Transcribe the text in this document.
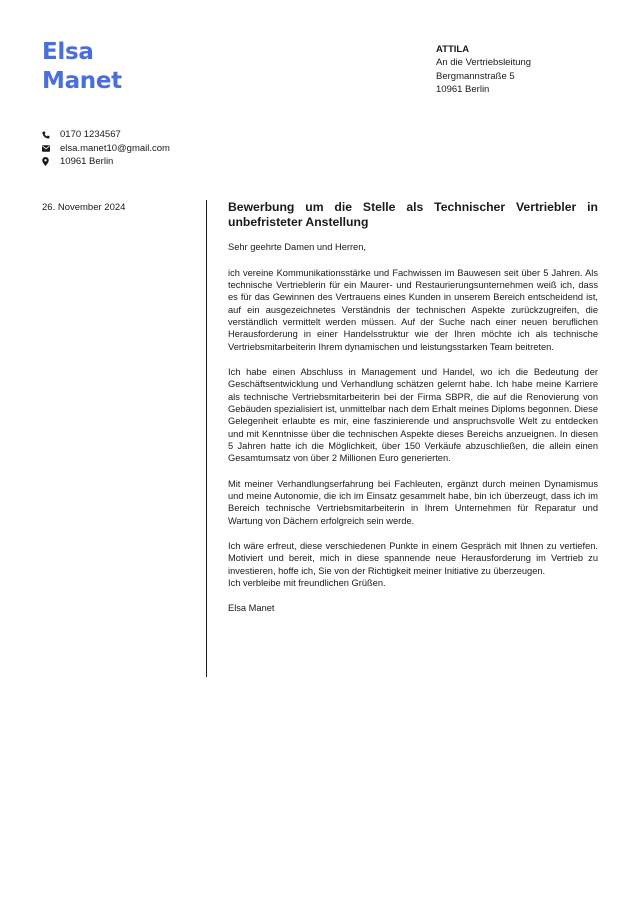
Elsa
Manet
ATTILA
An die Vertriebsleitung
Bergmannstraße 5
10961 Berlin
0170 1234567
elsa.manet10@gmail.com
10961 Berlin
26. November 2024	Bewerbung um die Stelle als Technischer Vertriebler in unbefristeter Anstellung
Sehr geehrte Damen und Herren,
ich vereine Kommunikationsstärke und Fachwissen im Bauwesen seit über 5 Jahren. Als technische Vertrieblerin für ein Maurer- und Restaurierungsunternehmen weiß ich, dass es für das Gewinnen des Vertrauens eines Kunden in unserem Bereich entscheidend ist, auf ein ausgezeichnetes Verständnis der technischen Aspekte zurückzugreifen, die verständlich vermittelt werden müssen. Auf der Suche nach einer neuen beruflichen Herausforderung in einer Handelsstruktur wie der Ihren möchte ich als technische Vertriebsmitarbeiterin Ihrem dynamischen und leistungsstarken Team beitreten.
Ich habe einen Abschluss in Management und Handel, wo ich die Bedeutung der Geschäftsentwicklung und Verhandlung schätzen gelernt habe. Ich habe meine Karriere als technische Vertriebsmitarbeiterin bei der Firma SBPR, die auf die Renovierung von Gebäuden spezialisiert ist, unmittelbar nach dem Erhalt meines Diploms begonnen. Diese Gelegenheit erlaubte es mir, eine faszinierende und anspruchsvolle Welt zu entdecken und mit Kenntnisse über die technischen Aspekte dieses Bereichs anzueignen. In diesen 5 Jahren hatte ich die Möglichkeit, über 150 Verkäufe abzuschließen, die allein einen Gesamtumsatz von über 2 Millionen Euro generierten.
Mit meiner Verhandlungserfahrung bei Fachleuten, ergänzt durch meinen Dynamismus und meine Autonomie, die ich im Einsatz gesammelt habe, bin ich überzeugt, dass ich im Bereich technische Vertriebsmitarbeiterin in Ihrem Unternehmen für Reparatur und Wartung von Dächern erfolgreich sein werde.
Ich wäre erfreut, diese verschiedenen Punkte in einem Gespräch mit Ihnen zu vertiefen. Motiviert und bereit, mich in diese spannende neue Herausforderung im Vertrieb zu investieren, hoffe ich, Sie von der Richtigkeit meiner Initiative zu überzeugen.
Ich verbleibe mit freundlichen Grüßen.
Elsa Manet
